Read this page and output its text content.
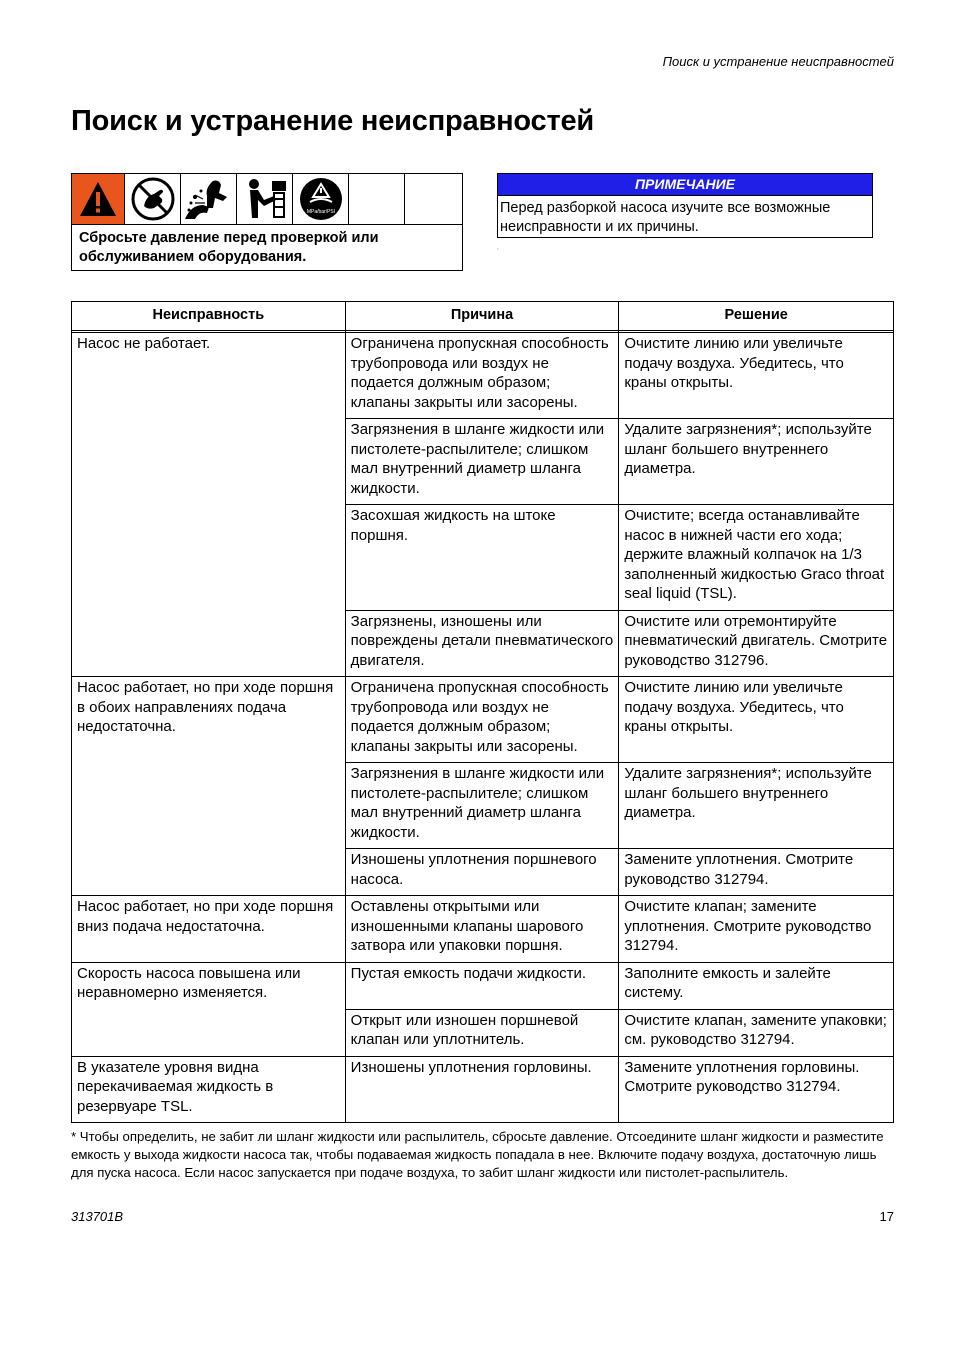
Поиск и устранение неисправностей
Поиск и устранение неисправностей
MPa/bar/PSI
Сбросьте давление перед проверкой или обслуживанием оборудования.
ПРИМЕЧАНИЕ
Перед разборкой насоса изучите все возможные неисправности и их причины.
,
Неисправность	Причина	Решение

Насос не работает.	Ограничена пропускная способность трубопровода или воздух не подается должным образом; клапаны закрыты или засорены.	Очистите линию или увеличьте подачу воздуха. Убедитесь, что краны открыты.
	Загрязнения в шланге жидкости или пистолете-распылителе; слишком мал внутренний диаметр шланга жидкости.	Удалите загрязнения*; используйте шланг большего внутреннего диаметра.
	Засохшая жидкость на штоке поршня.	Очистите; всегда останавливайте насос в нижней части его хода; держите влажный колпачок на 1/3 заполненный жидкостью Graco throat seal liquid (TSL).
	Загрязнены, изношены или повреждены детали пневматического двигателя.	Очистите или отремонтируйте пневматический двигатель. Смотрите руководство 312796.
Насос работает, но при ходе поршня в обоих направлениях подача недостаточна.	Ограничена пропускная способность трубопровода или воздух не подается должным образом; клапаны закрыты или засорены.	Очистите линию или увеличьте подачу воздуха. Убедитесь, что краны открыты.
	Загрязнения в шланге жидкости или пистолете-распылителе; слишком мал внутренний диаметр шланга жидкости.	Удалите загрязнения*; используйте шланг большего внутреннего диаметра.
	Изношены уплотнения поршневого насоса.	Замените уплотнения. Смотрите руководство 312794.
Насос работает, но при ходе поршня вниз подача недостаточна.	Оставлены открытыми или изношенными клапаны шарового затвора или упаковки поршня.	Очистите клапан; замените уплотнения. Смотрите руководство 312794.
Скорость насоса повышена или неравномерно изменяется.	Пустая емкость подачи жидкости.	Заполните емкость и залейте систему.
	Открыт или изношен поршневой клапан или уплотнитель.	Очистите клапан, замените упаковки; см. руководство 312794.
В указателе уровня видна перекачиваемая жидкость в резервуаре TSL.	Изношены уплотнения горловины.	Замените уплотнения горловины. Смотрите руководство 312794.
* Чтобы определить, не забит ли шланг жидкости или распылитель, сбросьте давление. Отсоедините шланг жидкости и разместите емкость у выхода жидкости насоса так, чтобы подаваемая жидкость попадала в нее. Включите подачу воздуха, достаточную лишь для пуска насоса. Если насос запускается при подаче воздуха, то забит шланг жидкости или пистолет-распылитель.
313701B	17
